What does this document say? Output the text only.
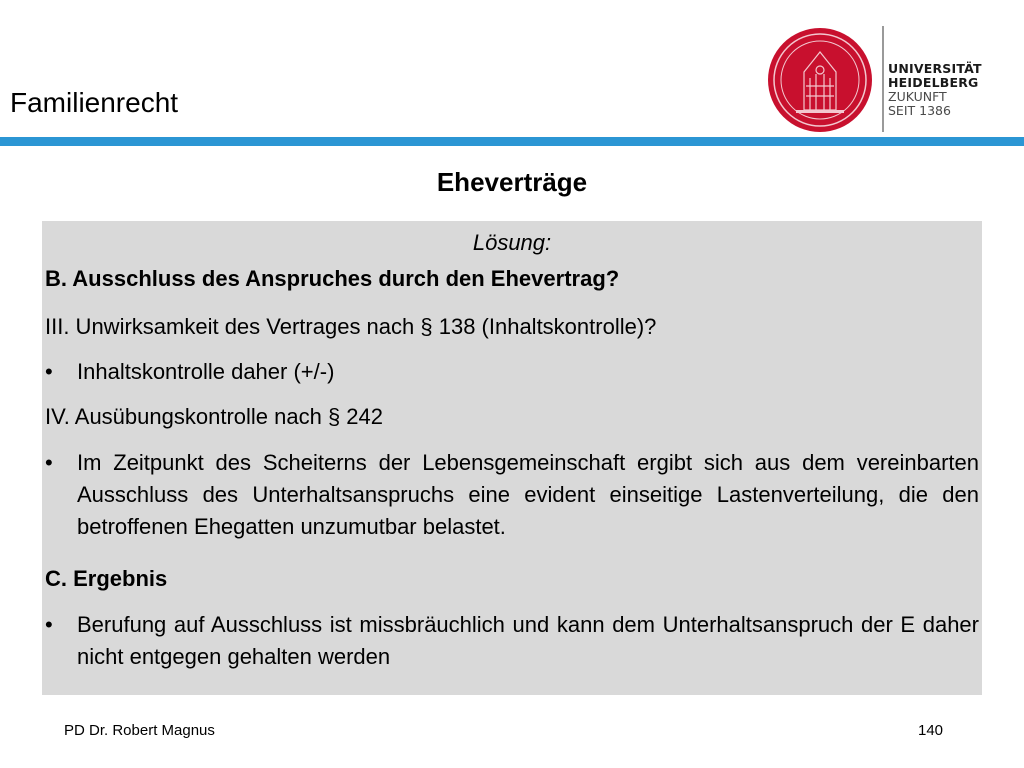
Familienrecht
UNIVERSITÄT
HEIDELBERG
ZUKUNFT
SEIT 1386
Eheverträge
Lösung:
B. Ausschluss des Anspruches durch den Ehevertrag?
III. Unwirksamkeit des Vertrages nach § 138 (Inhaltskontrolle)?
• Inhaltskontrolle daher (+/-)
IV. Ausübungskontrolle nach § 242
• Im Zeitpunkt des Scheiterns der Lebensgemeinschaft ergibt sich aus dem vereinbarten Ausschluss des Unterhaltsanspruchs eine evident einseitige Lastenverteilung, die den betroffenen Ehegatten unzumutbar belastet.
C. Ergebnis
• Berufung auf Ausschluss ist missbräuchlich und kann dem Unterhaltsanspruch der E daher nicht entgegen gehalten werden
PD Dr. Robert Magnus	140
